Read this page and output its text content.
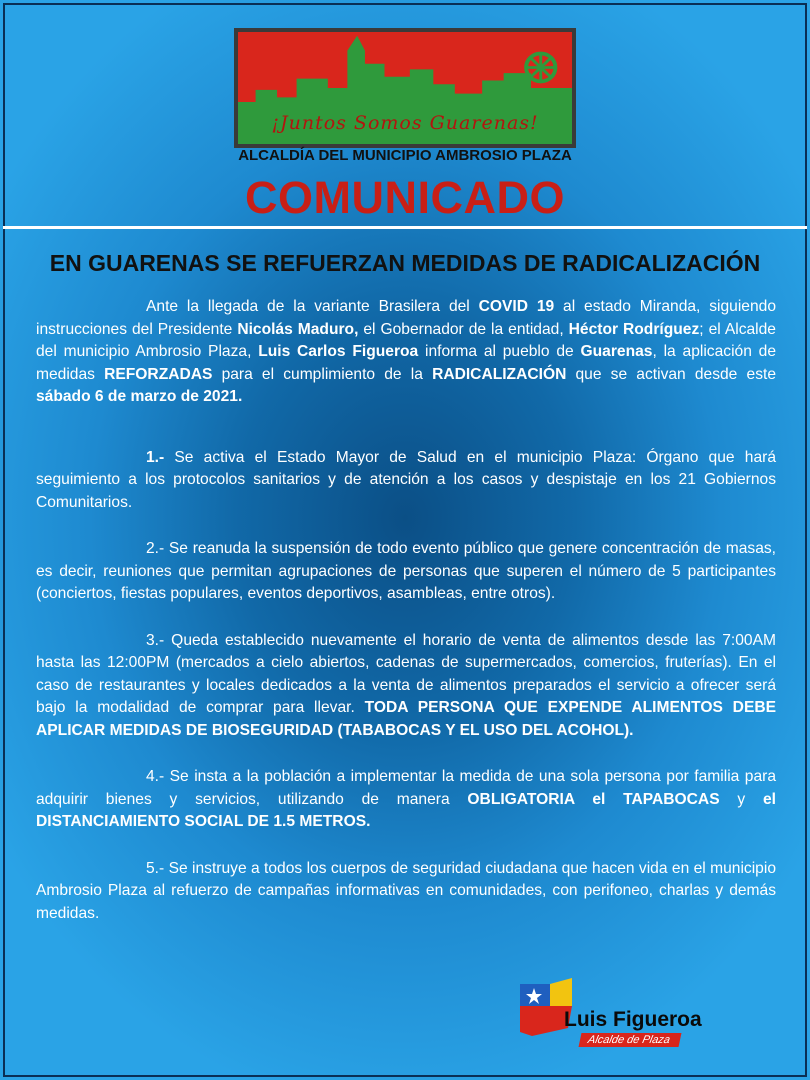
¡Juntos Somos Guarenas!
ALCALDÍA DEL MUNICIPIO AMBROSIO PLAZA
COMUNICADO
EN GUARENAS SE REFUERZAN MEDIDAS DE RADICALIZACIÓN

Ante la llegada de la variante Brasilera del COVID 19 al estado Miranda, siguiendo instrucciones del Presidente Nicolás Maduro, el Gobernador de la entidad, Héctor Rodríguez; el Alcalde del municipio Ambrosio Plaza, Luis Carlos Figueroa informa al pueblo de Guarenas, la aplicación de medidas REFORZADAS para el cumplimiento de la RADICALIZACIÓN que se activan desde este sábado 6 de marzo de 2021.

1.- Se activa el Estado Mayor de Salud en el municipio Plaza: Órgano que hará seguimiento a los protocolos sanitarios y de atención a los casos y despistaje en los 21 Gobiernos Comunitarios.

2.- Se reanuda la suspensión de todo evento público que genere concentración de masas, es decir, reuniones que permitan agrupaciones de personas que superen el número de 5 participantes (conciertos, fiestas populares, eventos deportivos, asambleas, entre otros).

3.- Queda establecido nuevamente el horario de venta de alimentos desde las 7:00AM hasta las 12:00PM (mercados a cielo abiertos, cadenas de supermercados, comercios, fruterías). En el caso de restaurantes y locales dedicados a la venta de alimentos preparados el servicio a ofrecer será bajo la modalidad de comprar para llevar. TODA PERSONA QUE EXPENDE ALIMENTOS DEBE APLICAR MEDIDAS DE BIOSEGURIDAD (TABABOCAS Y EL USO DEL ACOHOL).

4.- Se insta a la población a implementar la medida de una sola persona por familia para adquirir bienes y servicios, utilizando de manera OBLIGATORIA el TAPABOCAS y el DISTANCIAMIENTO SOCIAL DE 1.5 METROS.

5.- Se instruye a todos los cuerpos de seguridad ciudadana que hacen vida en el municipio Ambrosio Plaza al refuerzo de campañas informativas en comunidades, con perifoneo, charlas y demás medidas.

Luis Figueroa
Alcalde de Plaza
